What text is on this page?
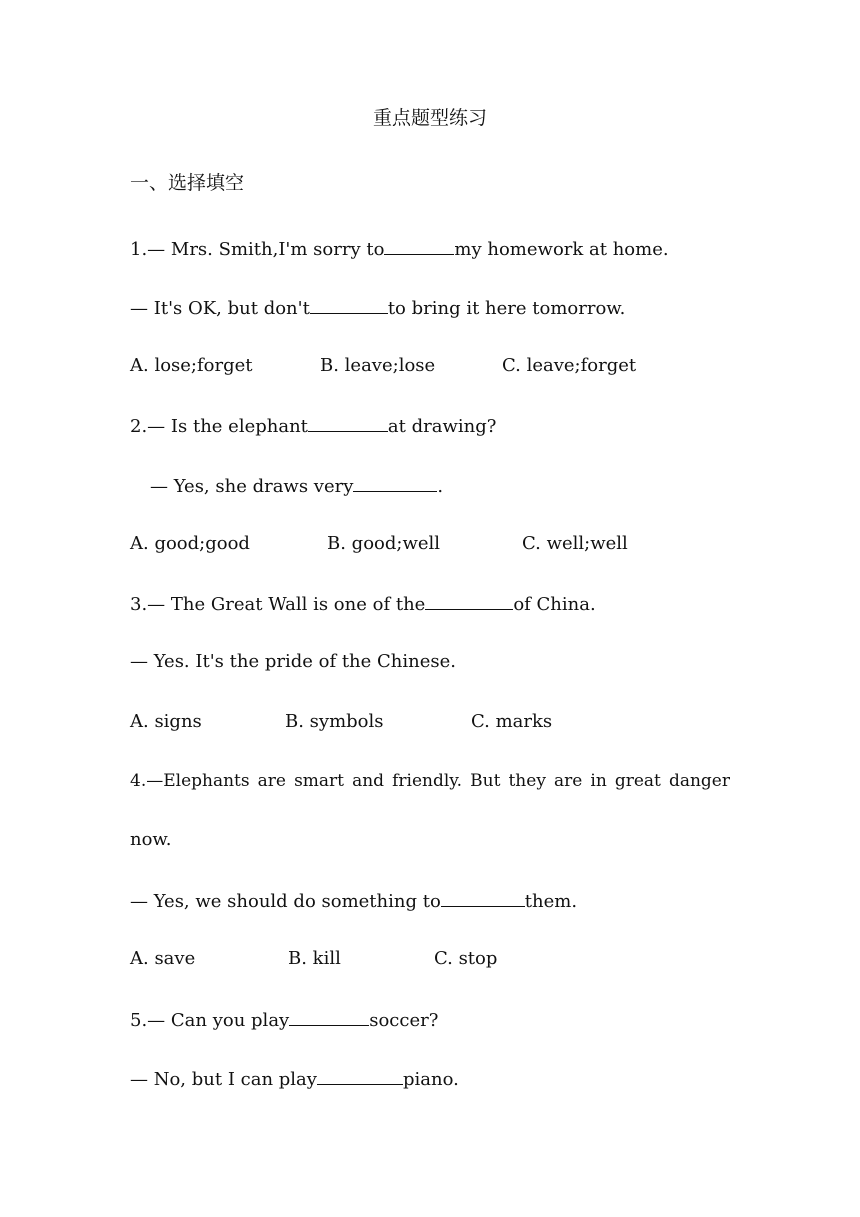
重点题型练习
一、选择填空
1.— Mrs. Smith,I'm sorry to	my homework at home.
— It's OK, but don't	to bring it here tomorrow.
A. lose;forget	B. leave;lose	C. leave;forget
2.— Is the elephant	at drawing?
— Yes, she draws very	.
A. good;good	B. good;well	C. well;well
3.— The Great Wall is one of the	of China.
— Yes. It's the pride of the Chinese.
A. signs	B. symbols	C. marks
4.—Elephants are smart and friendly. But they are in great danger
now.
— Yes, we should do something to	them.
A. save	B. kill	C. stop
5.— Can you play	soccer?
— No, but I can play	piano.
